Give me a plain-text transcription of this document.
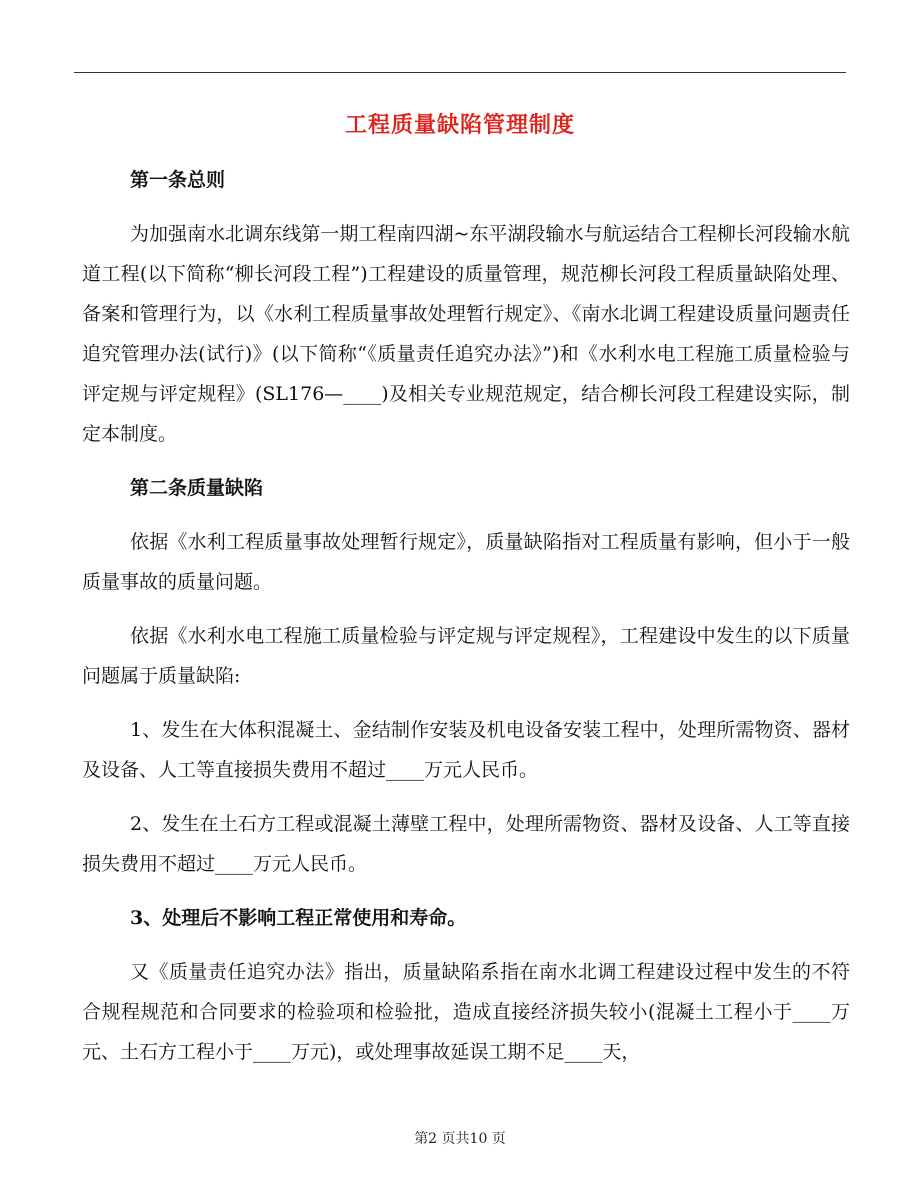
工程质量缺陷管理制度

第一条总则

为加强南水北调东线第一期工程南四湖~东平湖段输水与航运结合工程柳长河段输水航道工程(以下简称“柳长河段工程”)工程建设的质量管理，规范柳长河段工程质量缺陷处理、备案和管理行为，以《水利工程质量事故处理暂行规定》、《南水北调工程建设质量问题责任追究管理办法(试行)》(以下简称“《质量责任追究办法》”)和《水利水电工程施工质量检验与评定规与评定规程》(SL176—____)及相关专业规范规定，结合柳长河段工程建设实际，制定本制度。

第二条质量缺陷

依据《水利工程质量事故处理暂行规定》，质量缺陷指对工程质量有影响，但小于一般质量事故的质量问题。

依据《水利水电工程施工质量检验与评定规与评定规程》，工程建设中发生的以下质量问题属于质量缺陷:

1、发生在大体积混凝土、金结制作安装及机电设备安装工程中，处理所需物资、器材及设备、人工等直接损失费用不超过____万元人民币。

2、发生在土石方工程或混凝土薄壁工程中，处理所需物资、器材及设备、人工等直接损失费用不超过____万元人民币。

3、处理后不影响工程正常使用和寿命。

又《质量责任追究办法》指出，质量缺陷系指在南水北调工程建设过程中发生的不符合规程规范和合同要求的检验项和检验批，造成直接经济损失较小(混凝土工程小于____万元、土石方工程小于____万元)，或处理事故延误工期不足____天，

第2 页共10 页
